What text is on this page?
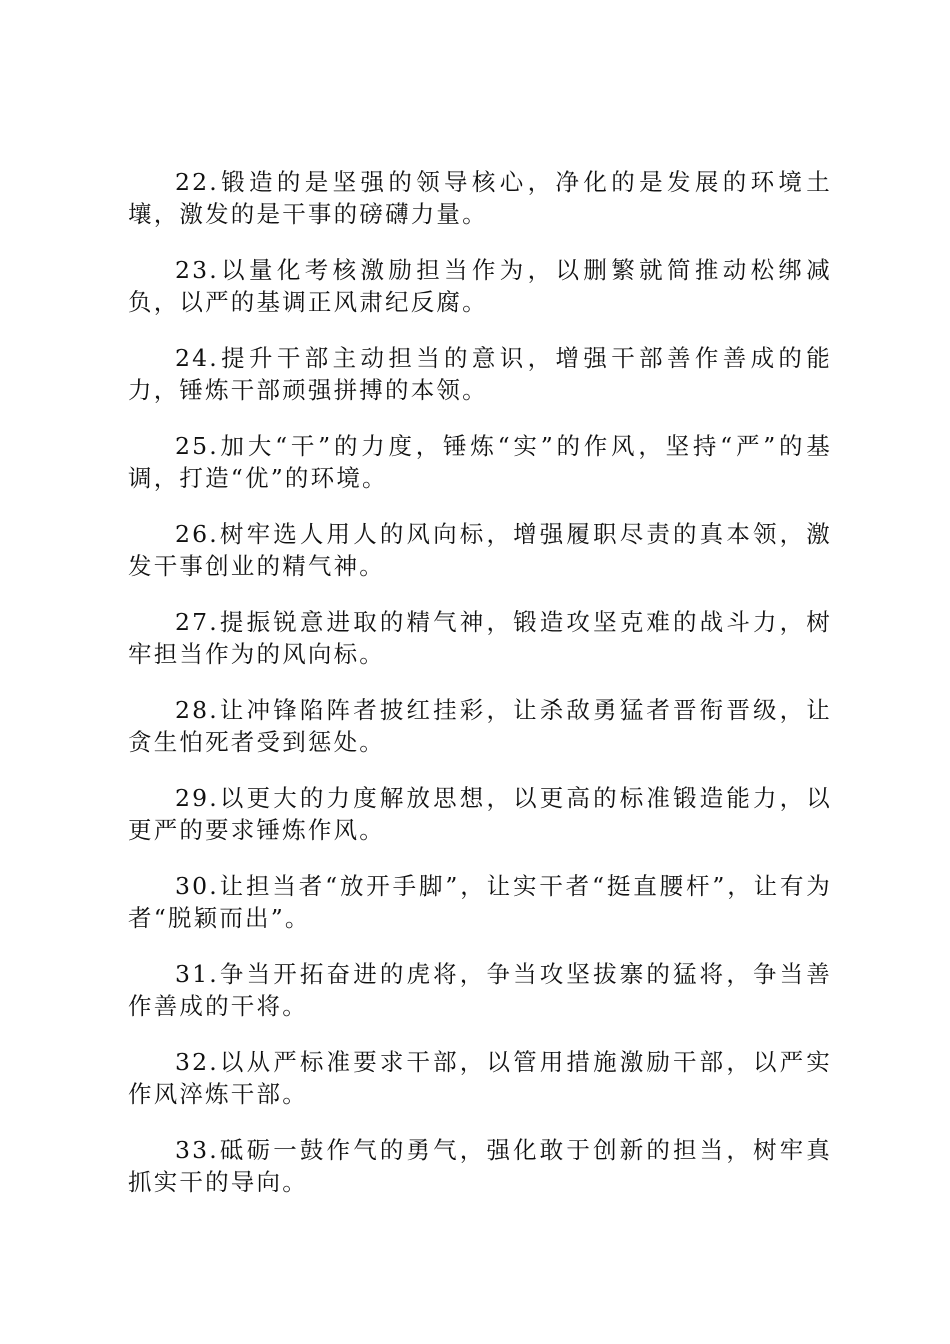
22.锻造的是坚强的领导核心，净化的是发展的环境土壤，激发的是干事的磅礴力量。

23.以量化考核激励担当作为，以删繁就简推动松绑减负，以严的基调正风肃纪反腐。

24.提升干部主动担当的意识，增强干部善作善成的能力，锤炼干部顽强拼搏的本领。

25.加大“干”的力度，锤炼“实”的作风，坚持“严”的基调，打造“优”的环境。

26.树牢选人用人的风向标，增强履职尽责的真本领，激发干事创业的精气神。

27.提振锐意进取的精气神，锻造攻坚克难的战斗力，树牢担当作为的风向标。

28.让冲锋陷阵者披红挂彩，让杀敌勇猛者晋衔晋级，让贪生怕死者受到惩处。

29.以更大的力度解放思想，以更高的标准锻造能力，以更严的要求锤炼作风。

30.让担当者“放开手脚”，让实干者“挺直腰杆”，让有为者“脱颖而出”。

31.争当开拓奋进的虎将，争当攻坚拔寨的猛将，争当善作善成的干将。

32.以从严标准要求干部，以管用措施激励干部，以严实作风淬炼干部。

33.砥砺一鼓作气的勇气，强化敢于创新的担当，树牢真抓实干的导向。
